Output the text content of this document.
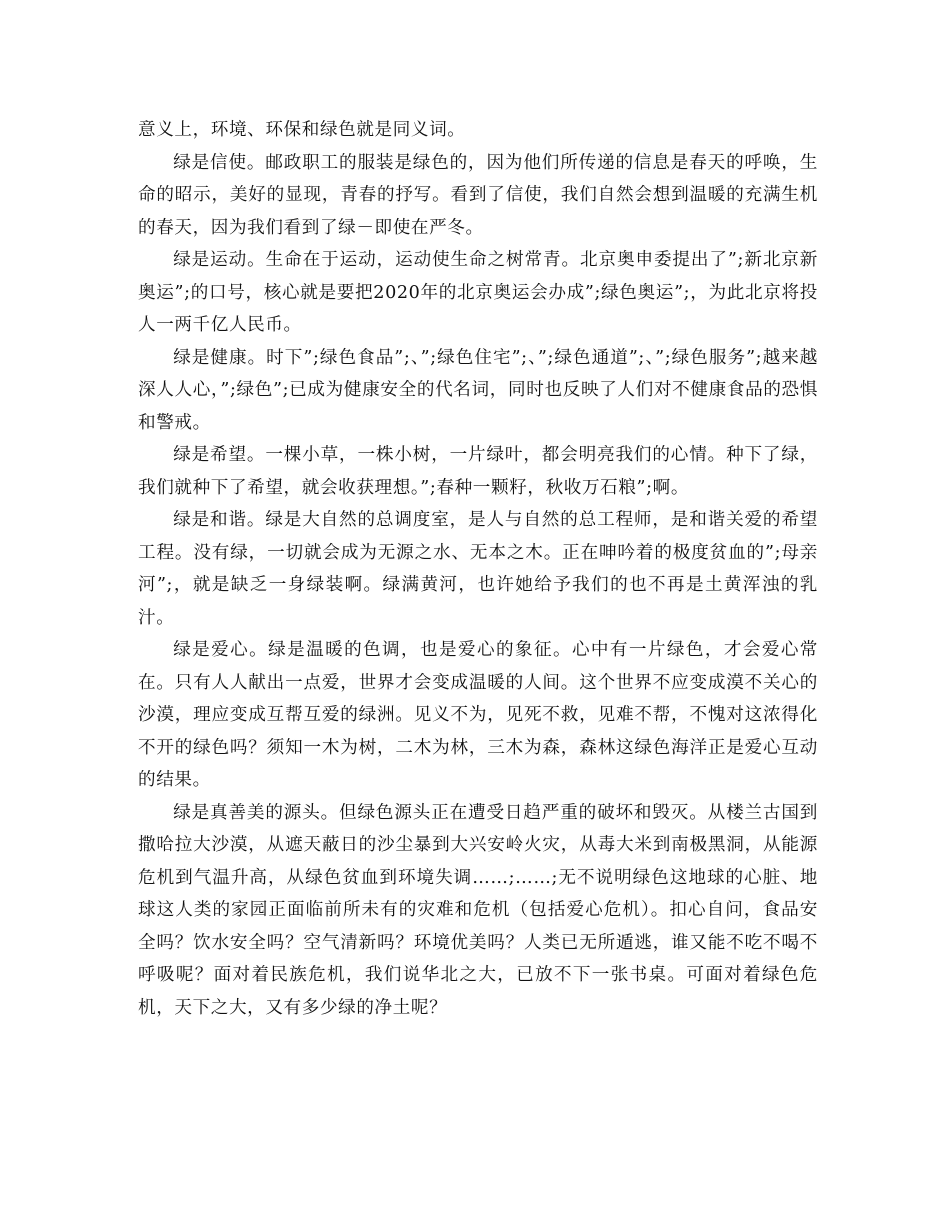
意义上，环境、环保和绿色就是同义词。

绿是信使。邮政职工的服装是绿色的，因为他们所传递的信息是春天的呼唤，生命的昭示，美好的显现，青春的抒写。看到了信使，我们自然会想到温暖的充满生机的春天，因为我们看到了绿－即使在严冬。

绿是运动。生命在于运动，运动使生命之树常青。北京奥申委提出了”;新北京新奥运”;的口号，核心就是要把2020年的北京奥运会办成”;绿色奥运”;，为此北京将投人一两千亿人民币。

绿是健康。时下”;绿色食品”;、”;绿色住宅”;、”;绿色通道”;、”;绿色服务”;越来越深人人心，”;绿色”;已成为健康安全的代名词，同时也反映了人们对不健康食品的恐惧和警戒。

绿是希望。一棵小草，一株小树，一片绿叶，都会明亮我们的心情。种下了绿，我们就种下了希望，就会收获理想。”;春种一颗籽，秋收万石粮”;啊。

绿是和谐。绿是大自然的总调度室，是人与自然的总工程师，是和谐关爱的希望工程。没有绿，一切就会成为无源之水、无本之木。正在呻吟着的极度贫血的”;母亲河”;，就是缺乏一身绿装啊。绿满黄河，也许她给予我们的也不再是土黄浑浊的乳汁。

绿是爱心。绿是温暖的色调，也是爱心的象征。心中有一片绿色，才会爱心常在。只有人人献出一点爱，世界才会变成温暖的人间。这个世界不应变成漠不关心的沙漠，理应变成互帮互爱的绿洲。见义不为，见死不救，见难不帮，不愧对这浓得化不开的绿色吗？须知一木为树，二木为林，三木为森，森林这绿色海洋正是爱心互动的结果。

绿是真善美的源头。但绿色源头正在遭受日趋严重的破坏和毁灭。从楼兰古国到撒哈拉大沙漠，从遮天蔽日的沙尘暴到大兴安岭火灾，从毒大米到南极黑洞，从能源危机到气温升高，从绿色贫血到环境失调……;……;无不说明绿色这地球的心脏、地球这人类的家园正面临前所未有的灾难和危机（包括爱心危机）。扣心自问，食品安全吗？饮水安全吗？空气清新吗？环境优美吗？人类已无所遁逃，谁又能不吃不喝不呼吸呢？面对着民族危机，我们说华北之大，已放不下一张书桌。可面对着绿色危机，天下之大，又有多少绿的净土呢？
